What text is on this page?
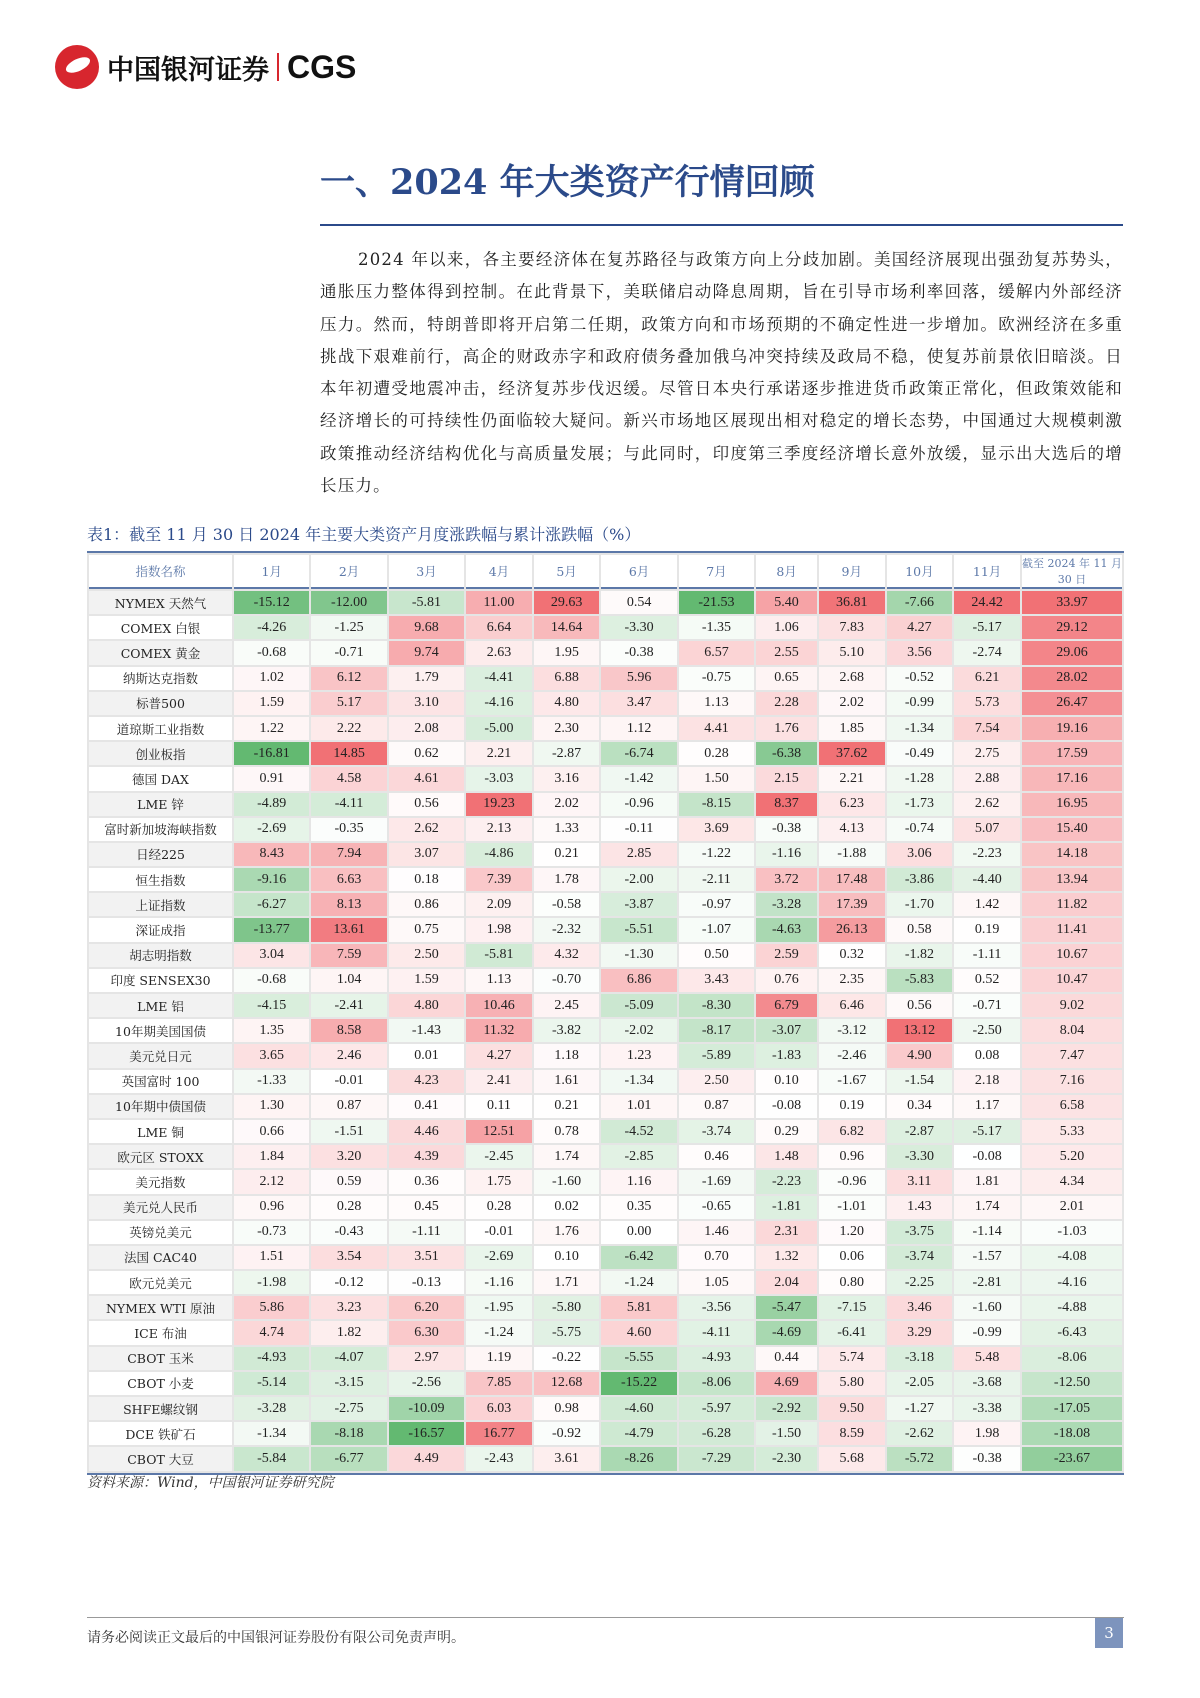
中国银河证券 CGS
一、2024 年大类资产行情回顾

2024 年以来，各主要经济体在复苏路径与政策方向上分歧加剧。美国经济展现出强劲复苏势头，通胀压力整体得到控制。在此背景下，美联储启动降息周期，旨在引导市场利率回落，缓解内外部经济压力。然而，特朗普即将开启第二任期，政策方向和市场预期的不确定性进一步增加。欧洲经济在多重挑战下艰难前行，高企的财政赤字和政府债务叠加俄乌冲突持续及政局不稳，使复苏前景依旧暗淡。日本年初遭受地震冲击，经济复苏步伐迟缓。尽管日本央行承诺逐步推进货币政策正常化，但政策效能和经济增长的可持续性仍面临较大疑问。新兴市场地区展现出相对稳定的增长态势，中国通过大规模刺激政策推动经济结构优化与高质量发展；与此同时，印度第三季度经济增长意外放缓，显示出大选后的增长压力。

表1：截至 11 月 30 日 2024 年主要大类资产月度涨跌幅与累计涨跌幅（%）
指数名称	1月	2月	3月	4月	5月	6月	7月	8月	9月	10月	11月	截至 2024 年 11 月 30 日
NYMEX 天然气	-15.12	-12.00	-5.81	11.00	29.63	0.54	-21.53	5.40	36.81	-7.66	24.42	33.97
COMEX 白银	-4.26	-1.25	9.68	6.64	14.64	-3.30	-1.35	1.06	7.83	4.27	-5.17	29.12
COMEX 黄金	-0.68	-0.71	9.74	2.63	1.95	-0.38	6.57	2.55	5.10	3.56	-2.74	29.06
纳斯达克指数	1.02	6.12	1.79	-4.41	6.88	5.96	-0.75	0.65	2.68	-0.52	6.21	28.02
标普500	1.59	5.17	3.10	-4.16	4.80	3.47	1.13	2.28	2.02	-0.99	5.73	26.47
道琼斯工业指数	1.22	2.22	2.08	-5.00	2.30	1.12	4.41	1.76	1.85	-1.34	7.54	19.16
创业板指	-16.81	14.85	0.62	2.21	-2.87	-6.74	0.28	-6.38	37.62	-0.49	2.75	17.59
德国 DAX	0.91	4.58	4.61	-3.03	3.16	-1.42	1.50	2.15	2.21	-1.28	2.88	17.16
LME 锌	-4.89	-4.11	0.56	19.23	2.02	-0.96	-8.15	8.37	6.23	-1.73	2.62	16.95
富时新加坡海峡指数	-2.69	-0.35	2.62	2.13	1.33	-0.11	3.69	-0.38	4.13	-0.74	5.07	15.40
日经225	8.43	7.94	3.07	-4.86	0.21	2.85	-1.22	-1.16	-1.88	3.06	-2.23	14.18
恒生指数	-9.16	6.63	0.18	7.39	1.78	-2.00	-2.11	3.72	17.48	-3.86	-4.40	13.94
上证指数	-6.27	8.13	0.86	2.09	-0.58	-3.87	-0.97	-3.28	17.39	-1.70	1.42	11.82
深证成指	-13.77	13.61	0.75	1.98	-2.32	-5.51	-1.07	-4.63	26.13	0.58	0.19	11.41
胡志明指数	3.04	7.59	2.50	-5.81	4.32	-1.30	0.50	2.59	0.32	-1.82	-1.11	10.67
印度 SENSEX30	-0.68	1.04	1.59	1.13	-0.70	6.86	3.43	0.76	2.35	-5.83	0.52	10.47
LME 铝	-4.15	-2.41	4.80	10.46	2.45	-5.09	-8.30	6.79	6.46	0.56	-0.71	9.02
10年期美国国债	1.35	8.58	-1.43	11.32	-3.82	-2.02	-8.17	-3.07	-3.12	13.12	-2.50	8.04
美元兑日元	3.65	2.46	0.01	4.27	1.18	1.23	-5.89	-1.83	-2.46	4.90	0.08	7.47
英国富时 100	-1.33	-0.01	4.23	2.41	1.61	-1.34	2.50	0.10	-1.67	-1.54	2.18	7.16
10年期中债国债	1.30	0.87	0.41	0.11	0.21	1.01	0.87	-0.08	0.19	0.34	1.17	6.58
LME 铜	0.66	-1.51	4.46	12.51	0.78	-4.52	-3.74	0.29	6.82	-2.87	-5.17	5.33
欧元区 STOXX	1.84	3.20	4.39	-2.45	1.74	-2.85	0.46	1.48	0.96	-3.30	-0.08	5.20
美元指数	2.12	0.59	0.36	1.75	-1.60	1.16	-1.69	-2.23	-0.96	3.11	1.81	4.34
美元兑人民币	0.96	0.28	0.45	0.28	0.02	0.35	-0.65	-1.81	-1.01	1.43	1.74	2.01
英镑兑美元	-0.73	-0.43	-1.11	-0.01	1.76	0.00	1.46	2.31	1.20	-3.75	-1.14	-1.03
法国 CAC40	1.51	3.54	3.51	-2.69	0.10	-6.42	0.70	1.32	0.06	-3.74	-1.57	-4.08
欧元兑美元	-1.98	-0.12	-0.13	-1.16	1.71	-1.24	1.05	2.04	0.80	-2.25	-2.81	-4.16
NYMEX WTI 原油	5.86	3.23	6.20	-1.95	-5.80	5.81	-3.56	-5.47	-7.15	3.46	-1.60	-4.88
ICE 布油	4.74	1.82	6.30	-1.24	-5.75	4.60	-4.11	-4.69	-6.41	3.29	-0.99	-6.43
CBOT 玉米	-4.93	-4.07	2.97	1.19	-0.22	-5.55	-4.93	0.44	5.74	-3.18	5.48	-8.06
CBOT 小麦	-5.14	-3.15	-2.56	7.85	12.68	-15.22	-8.06	4.69	5.80	-2.05	-3.68	-12.50
SHFE螺纹钢	-3.28	-2.75	-10.09	6.03	0.98	-4.60	-5.97	-2.92	9.50	-1.27	-3.38	-17.05
DCE 铁矿石	-1.34	-8.18	-16.57	16.77	-0.92	-4.79	-6.28	-1.50	8.59	-2.62	1.98	-18.08
CBOT 大豆	-5.84	-6.77	4.49	-2.43	3.61	-8.26	-7.29	-2.30	5.68	-5.72	-0.38	-23.67
资料来源：Wind，中国银河证券研究院
请务必阅读正文最后的中国银河证券股份有限公司免责声明。	3
